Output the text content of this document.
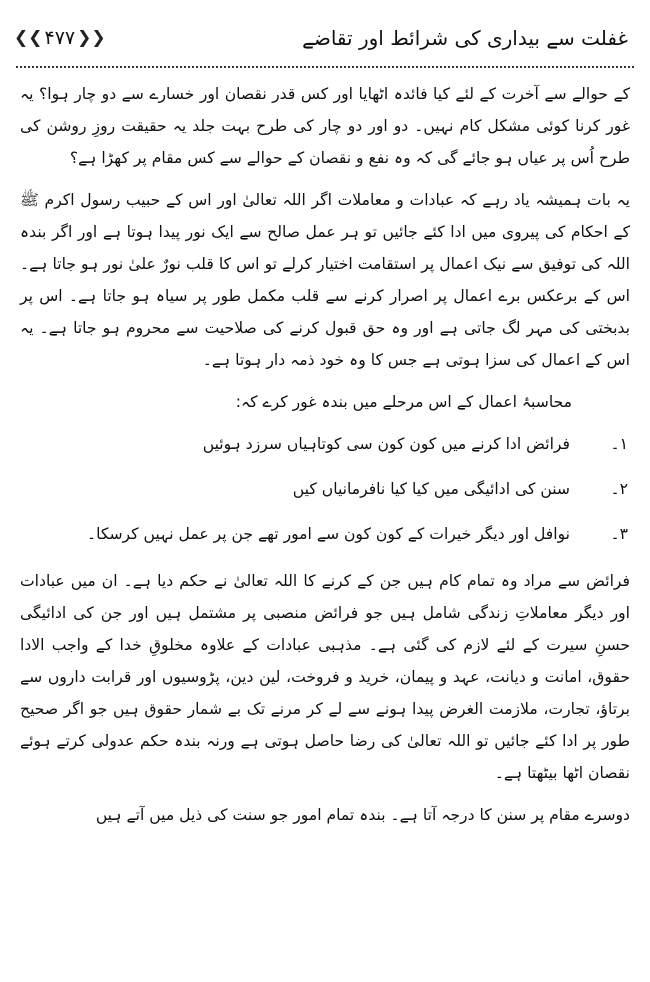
غفلت سے بیداری کی شرائط اور تقاضے
❮❮ ۴۷۷ ❯❯

کے حوالے سے آخرت کے لئے کیا فائدہ اٹھایا اور کس قدر نقصان اور خسارے سے دو چار ہوا؟ یہ غور کرنا کوئی مشکل کام نہیں۔ دو اور دو چار کی طرح بہت جلد یہ حقیقت روزِ روشن کی طرح اُس پر عیاں ہو جائے گی کہ وہ نفع و نقصان کے حوالے سے کس مقام پر کھڑا ہے؟

یہ بات ہمیشہ یاد رہے کہ عبادات و معاملات اگر اللہ تعالیٰ اور اس کے حبیب رسول اکرم ﷺ کے احکام کی پیروی میں ادا کئے جائیں تو ہر عمل صالح سے ایک نور پیدا ہوتا ہے اور اگر بندہ اللہ کی توفیق سے نیک اعمال پر استقامت اختیار کرلے تو اس کا قلب نورٌ علیٰ نور ہو جاتا ہے۔ اس کے برعکس برے اعمال پر اصرار کرنے سے قلب مکمل طور پر سیاہ ہو جاتا ہے۔ اس پر بدبختی کی مہر لگ جاتی ہے اور وہ حق قبول کرنے کی صلاحیت سے محروم ہو جاتا ہے۔ یہ اس کے اعمال کی سزا ہوتی ہے جس کا وہ خود ذمہ دار ہوتا ہے۔

محاسبۂ اعمال کے اس مرحلے میں بندہ غور کرے کہ:

١۔
فرائض ادا کرنے میں کون کون سی کوتاہیاں سرزد ہوئیں
٢۔
سنن کی ادائیگی میں کیا کیا نافرمانیاں کیں
٣۔
نوافل اور دیگر خیرات کے کون کون سے امور تھے جن پر عمل نہیں کرسکا۔

فرائض سے مراد وہ تمام کام ہیں جن کے کرنے کا اللہ تعالیٰ نے حکم دیا ہے۔ ان میں عبادات اور دیگر معاملاتِ زندگی شامل ہیں جو فرائض منصبی پر مشتمل ہیں اور جن کی ادائیگی حسنِ سیرت کے لئے لازم کی گئی ہے۔ مذہبی عبادات کے علاوہ مخلوقِ خدا کے واجب الادا حقوق، امانت و دیانت، عہد و پیمان، خرید و فروخت، لین دین، پڑوسیوں اور قرابت داروں سے برتاؤ، تجارت، ملازمت الغرض پیدا ہونے سے لے کر مرنے تک بے شمار حقوق ہیں جو اگر صحیح طور پر ادا کئے جائیں تو اللہ تعالیٰ کی رضا حاصل ہوتی ہے ورنہ بندہ حکم عدولی کرتے ہوئے نقصان اٹھا بیٹھتا ہے۔

دوسرے مقام پر سنن کا درجہ آتا ہے۔ بندہ تمام امور جو سنت کی ذیل میں آتے ہیں
